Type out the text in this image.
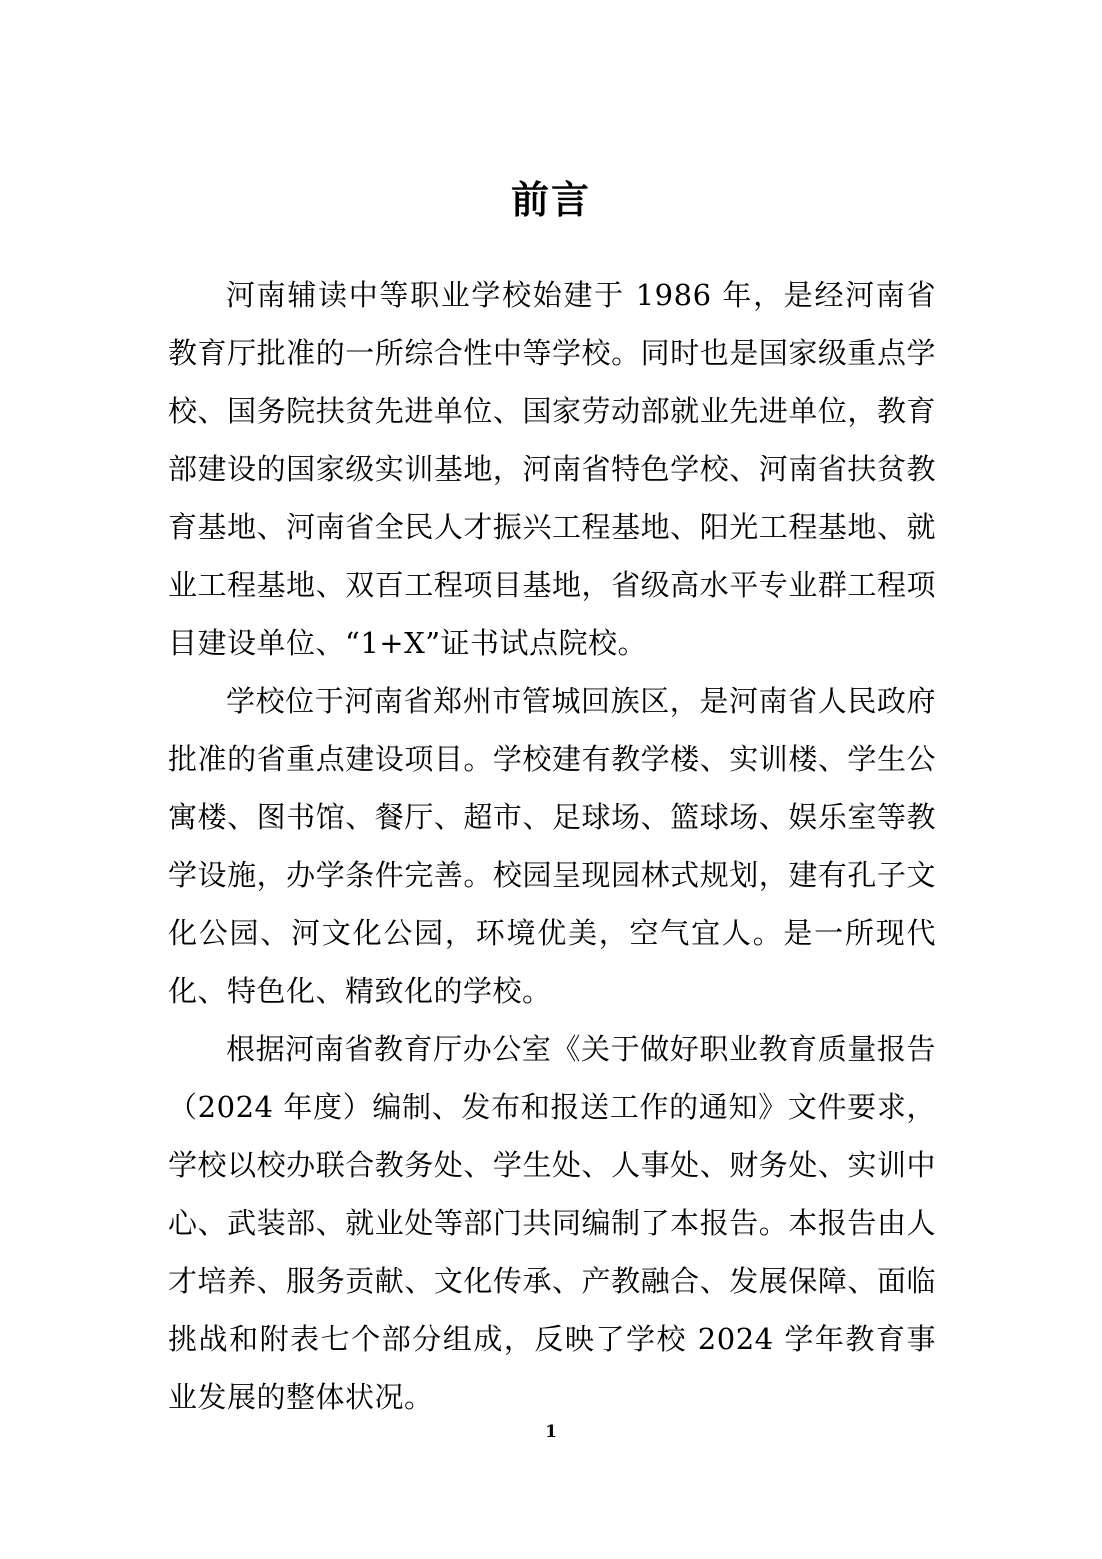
前言

河南辅读中等职业学校始建于 1986 年，是经河南省教育厅批准的一所综合性中等学校。同时也是国家级重点学校、国务院扶贫先进单位、国家劳动部就业先进单位，教育部建设的国家级实训基地，河南省特色学校、河南省扶贫教育基地、河南省全民人才振兴工程基地、阳光工程基地、就业工程基地、双百工程项目基地，省级高水平专业群工程项目建设单位、“1+X”证书试点院校。

学校位于河南省郑州市管城回族区，是河南省人民政府批准的省重点建设项目。学校建有教学楼、实训楼、学生公寓楼、图书馆、餐厅、超市、足球场、篮球场、娱乐室等教学设施，办学条件完善。校园呈现园林式规划，建有孔子文化公园、河文化公园，环境优美，空气宜人。是一所现代化、特色化、精致化的学校。

根据河南省教育厅办公室《关于做好职业教育质量报告（2024 年度）编制、发布和报送工作的通知》文件要求，学校以校办联合教务处、学生处、人事处、财务处、实训中心、武装部、就业处等部门共同编制了本报告。本报告由人才培养、服务贡献、文化传承、产教融合、发展保障、面临挑战和附表七个部分组成，反映了学校 2024 学年教育事业发展的整体状况。

1
